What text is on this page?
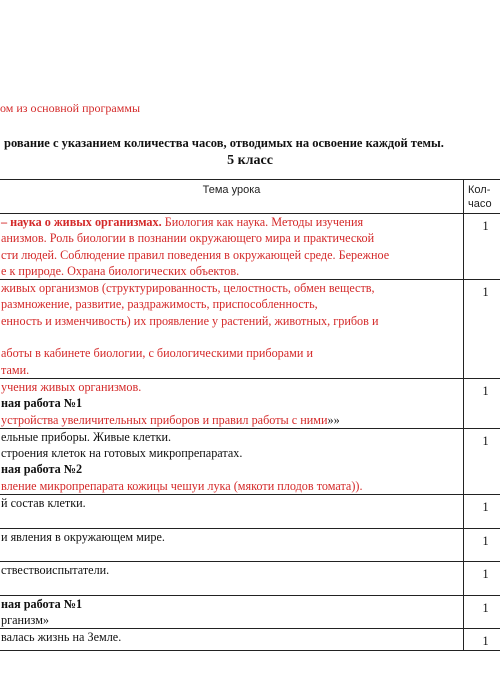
ом из основной программы
рование с указанием количества часов, отводимых на освоение каждой темы.
5 класс
Тема урока	Кол-
часо

– наука о живых организмах. Биология как наука. Методы изучения
анизмов. Роль биологии в познании окружающего мира и практической
сти людей. Соблюдение правил поведения в окружающей среде. Бережное
е к природе. Охрана биологических объектов.	1

живых организмов (структурированность, целостность, обмен веществ,
размножение, развитие, раздражимость, приспособленность,
енность и изменчивость) их проявление у растений, животных, грибов и
аботы в кабинете биологии, с биологическими приборами и
тами.	1

учения живых организмов.
ная работа №1
устройства увеличительных приборов и правил работы с ними»»	1

ельные приборы. Живые клетки.
строения клеток на готовых микропрепаратах.
ная работа №2
вление микропрепарата кожицы чешуи лука (мякоти плодов томата)).	1

й состав клетки.	1

и явления в окружающем мире.	1

ствествоиспытатели.	1

ная работа №1
рганизм»	1

валась жизнь на Земле.	1
